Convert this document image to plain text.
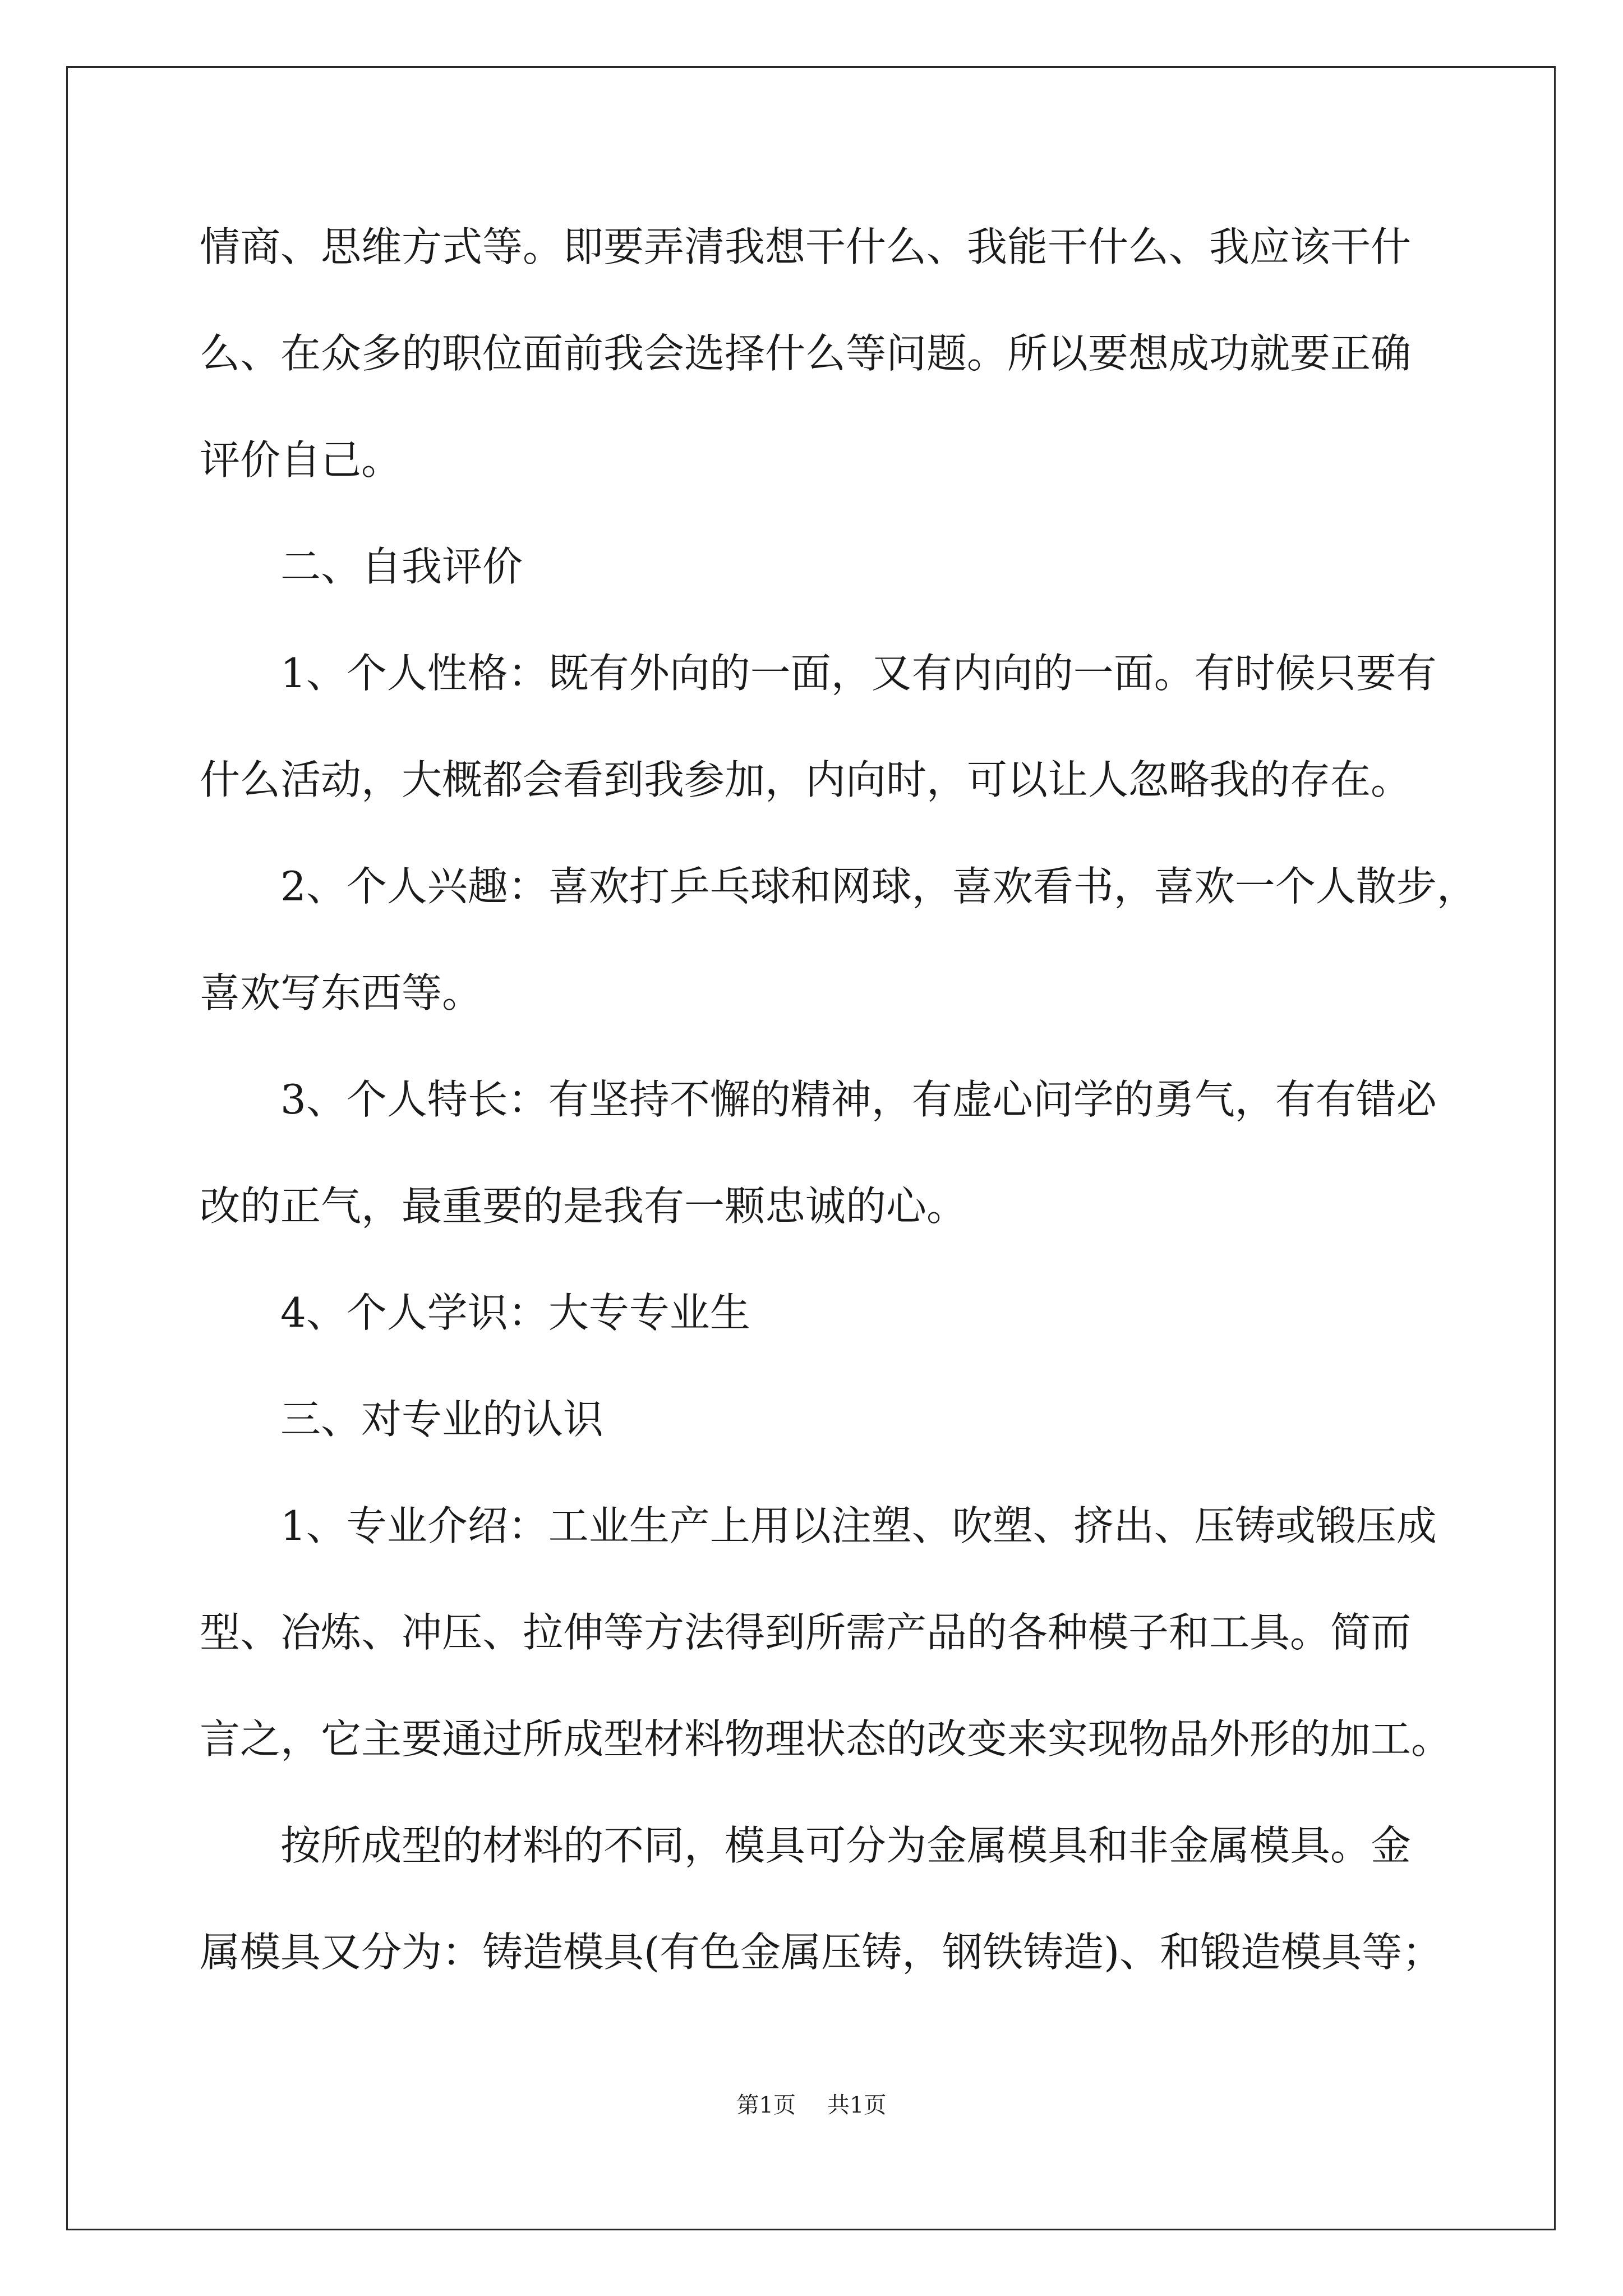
情商、思维方式等。即要弄清我想干什么、我能干什么、我应该干什
么、在众多的职位面前我会选择什么等问题。所以要想成功就要正确
评价自己。
二、自我评价
1、个人性格：既有外向的一面，又有内向的一面。有时候只要有
什么活动，大概都会看到我参加，内向时，可以让人忽略我的存在。
2、个人兴趣：喜欢打乒乓球和网球，喜欢看书，喜欢一个人散步，
喜欢写东西等。
3、个人特长：有坚持不懈的精神，有虚心问学的勇气，有有错必
改的正气，最重要的是我有一颗忠诚的心。
4、个人学识：大专专业生
三、对专业的认识
1、专业介绍：工业生产上用以注塑、吹塑、挤出、压铸或锻压成
型、冶炼、冲压、拉伸等方法得到所需产品的各种模子和工具。简而
言之，它主要通过所成型材料物理状态的改变来实现物品外形的加工。
按所成型的材料的不同，模具可分为金属模具和非金属模具。金
属模具又分为：铸造模具(有色金属压铸，钢铁铸造)、和锻造模具等；
第1页 共1页
